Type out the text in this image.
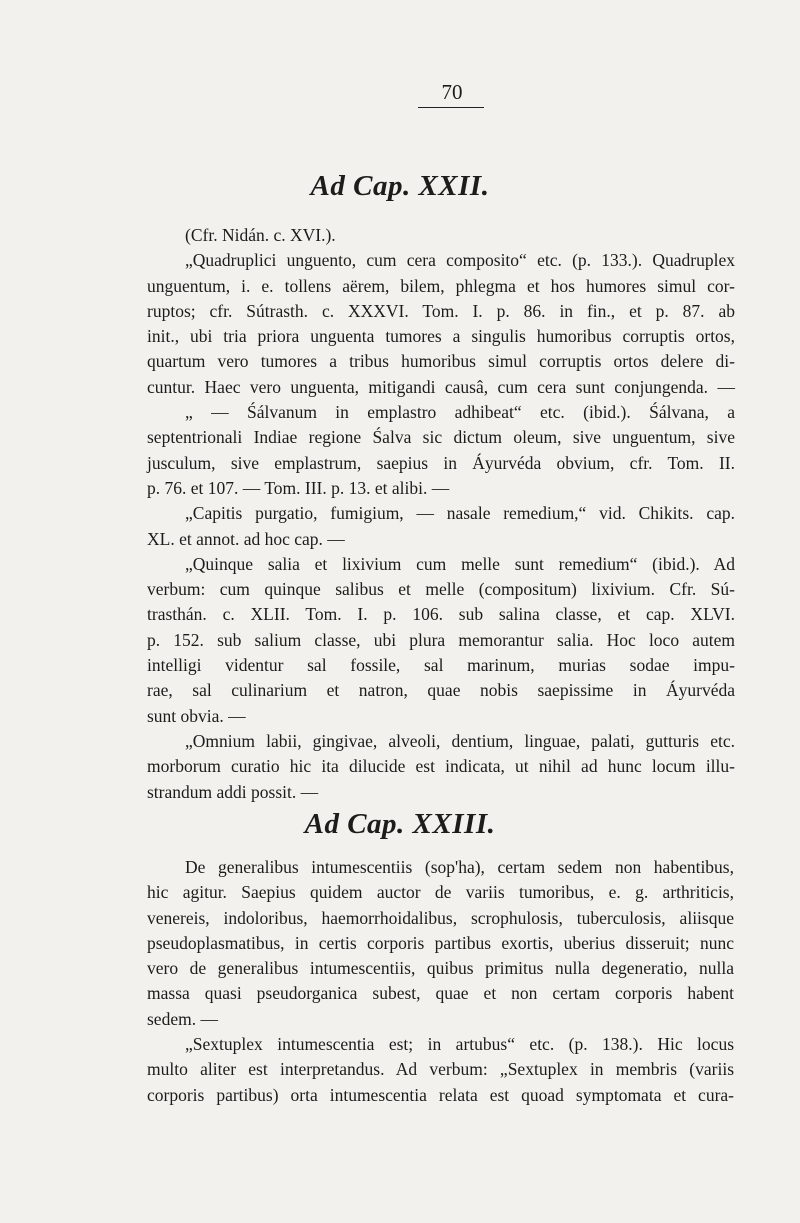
70
Ad Cap. XXII.
(Cfr. Nidán. c. XVI.).
„Quadruplici unguento, cum cera composito“ etc. (p. 133.). Quadruplex
unguentum, i. e. tollens aërem, bilem, phlegma et hos humores simul cor-
ruptos; cfr. Sútrasth. c. XXXVI. Tom. I. p. 86. in fin., et p. 87. ab
init., ubi tria priora unguenta tumores a singulis humoribus corruptis ortos,
quartum vero tumores a tribus humoribus simul corruptis ortos delere di-
cuntur. Haec vero unguenta, mitigandi causâ, cum cera sunt conjungenda. —
„ — Śálvanum in emplastro adhibeat“ etc. (ibid.). Śálvana, a
septentrionali Indiae regione Śalva sic dictum oleum, sive unguentum, sive
jusculum, sive emplastrum, saepius in Áyurvéda obvium, cfr. Tom. II.
p. 76. et 107. — Tom. III. p. 13. et alibi. —
„Capitis purgatio, fumigium, — nasale remedium,“ vid. Chikits. cap.
XL. et annot. ad hoc cap. —
„Quinque salia et lixivium cum melle sunt remedium“ (ibid.). Ad
verbum: cum quinque salibus et melle (compositum) lixivium. Cfr. Sú-
trasthán. c. XLII. Tom. I. p. 106. sub salina classe, et cap. XLVI.
p. 152. sub salium classe, ubi plura memorantur salia. Hoc loco autem
intelligi videntur sal fossile, sal marinum, murias sodae impu-
rae, sal culinarium et natron, quae nobis saepissime in Áyurvéda
sunt obvia. —
„Omnium labii, gingivae, alveoli, dentium, linguae, palati, gutturis etc.
morborum curatio hic ita dilucide est indicata, ut nihil ad hunc locum illu-
strandum addi possit. —
Ad Cap. XXIII.
De generalibus intumescentiis (sop'ha), certam sedem non habentibus,
hic agitur. Saepius quidem auctor de variis tumoribus, e. g. arthriticis,
venereis, indoloribus, haemorrhoidalibus, scrophulosis, tuberculosis, aliisque
pseudoplasmatibus, in certis corporis partibus exortis, uberius disseruit; nunc
vero de generalibus intumescentiis, quibus primitus nulla degeneratio, nulla
massa quasi pseudorganica subest, quae et non certam corporis habent
sedem. —
„Sextuplex intumescentia est; in artubus“ etc. (p. 138.). Hic locus
multo aliter est interpretandus. Ad verbum: „Sextuplex in membris (variis
corporis partibus) orta intumescentia relata est quoad symptomata et cura-
